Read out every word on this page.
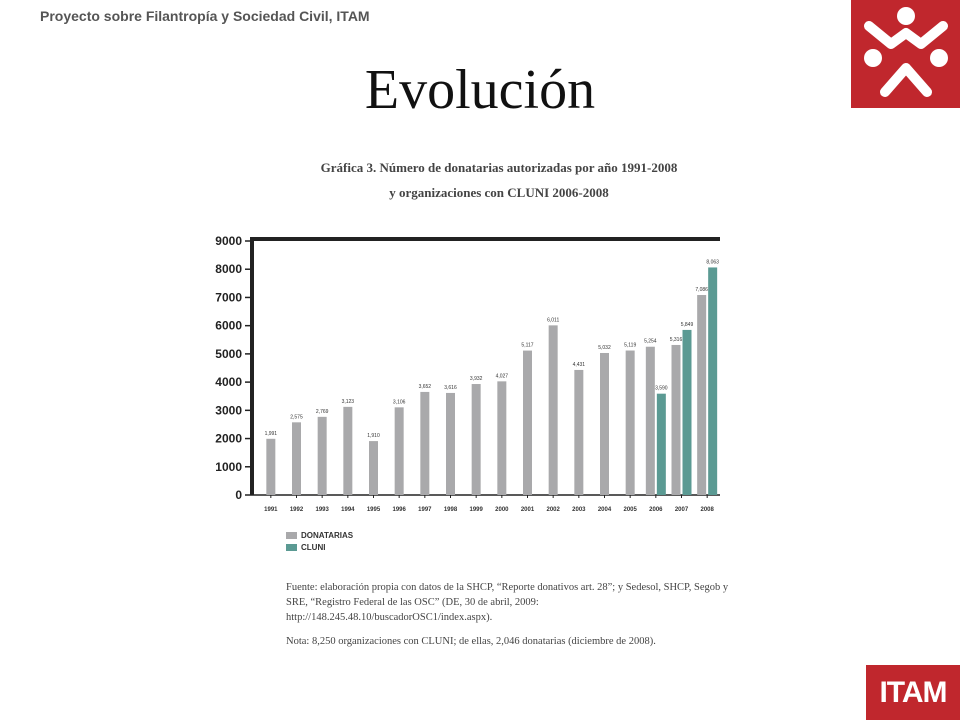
Proyecto sobre Filantropía y Sociedad Civil, ITAM
Evolución
Gráfica 3. Número de donatarias autorizadas por año 1991-2008
y organizaciones con CLUNI 2006-2008
0
1000
2000
3000
4000
5000
6000
7000
8000
9000
1,991
1991
2,575
1992
2,769
1993
3,123
1994
1,910
1995
3,106
1996
3,652
1997
3,616
1998
3,932
1999
4,027
2000
5,117
2001
6,011
2002
4,431
2003
5,032
2004
5,119
2005
5,254
3,590
2006
5,316
5,849
2007
7,086
8,063
2008
DONATARIAS
CLUNI
Fuente: elaboración propia con datos de la SHCP, “Reporte donativos art. 28”; y Sedesol, SHCP, Segob y SRE, “Registro Federal de las OSC” (DE, 30 de abril, 2009: http://148.245.48.10/buscadorOSC1/index.aspx).
Nota: 8,250 organizaciones con CLUNI; de ellas, 2,046 donatarias (diciembre de 2008).
ITAM
